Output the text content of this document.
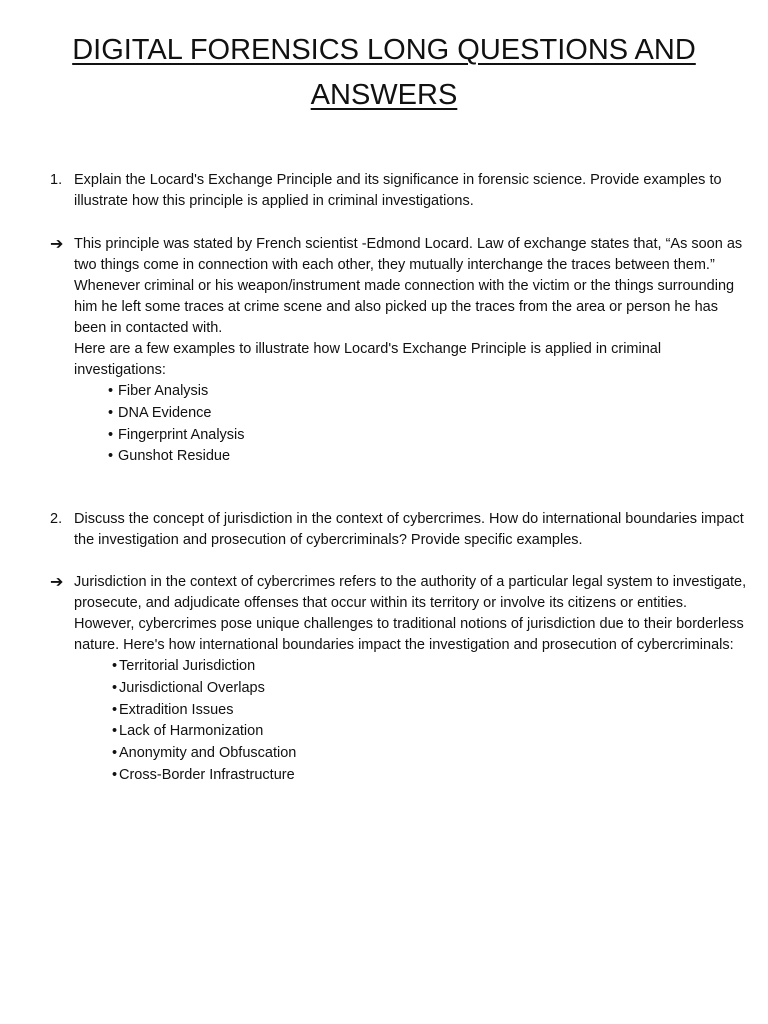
DIGITAL FORENSICS LONG QUESTIONS AND ANSWERS
1. Explain the Locard's Exchange Principle and its significance in forensic science. Provide examples to illustrate how this principle is applied in criminal investigations.
➔ This principle was stated by French scientist -Edmond Locard. Law of exchange states that, “As soon as two things come in connection with each other, they mutually interchange the traces between them.” Whenever criminal or his weapon/instrument made connection with the victim or the things surrounding him he left some traces at crime scene and also picked up the traces from the area or person he has been in contacted with.

Here are a few examples to illustrate how Locard's Exchange Principle is applied in criminal investigations:

• Fiber Analysis
• DNA Evidence
• Fingerprint Analysis
• Gunshot Residue
2. Discuss the concept of jurisdiction in the context of cybercrimes. How do international boundaries impact the investigation and prosecution of cybercriminals? Provide specific examples.
➔ Jurisdiction in the context of cybercrimes refers to the authority of a particular legal system to investigate, prosecute, and adjudicate offenses that occur within its territory or involve its citizens or entities. However, cybercrimes pose unique challenges to traditional notions of jurisdiction due to their borderless nature. Here's how international boundaries impact the investigation and prosecution of cybercriminals:

• Territorial Jurisdiction
• Jurisdictional Overlaps
• Extradition Issues
• Lack of Harmonization
• Anonymity and Obfuscation
• Cross-Border Infrastructure
